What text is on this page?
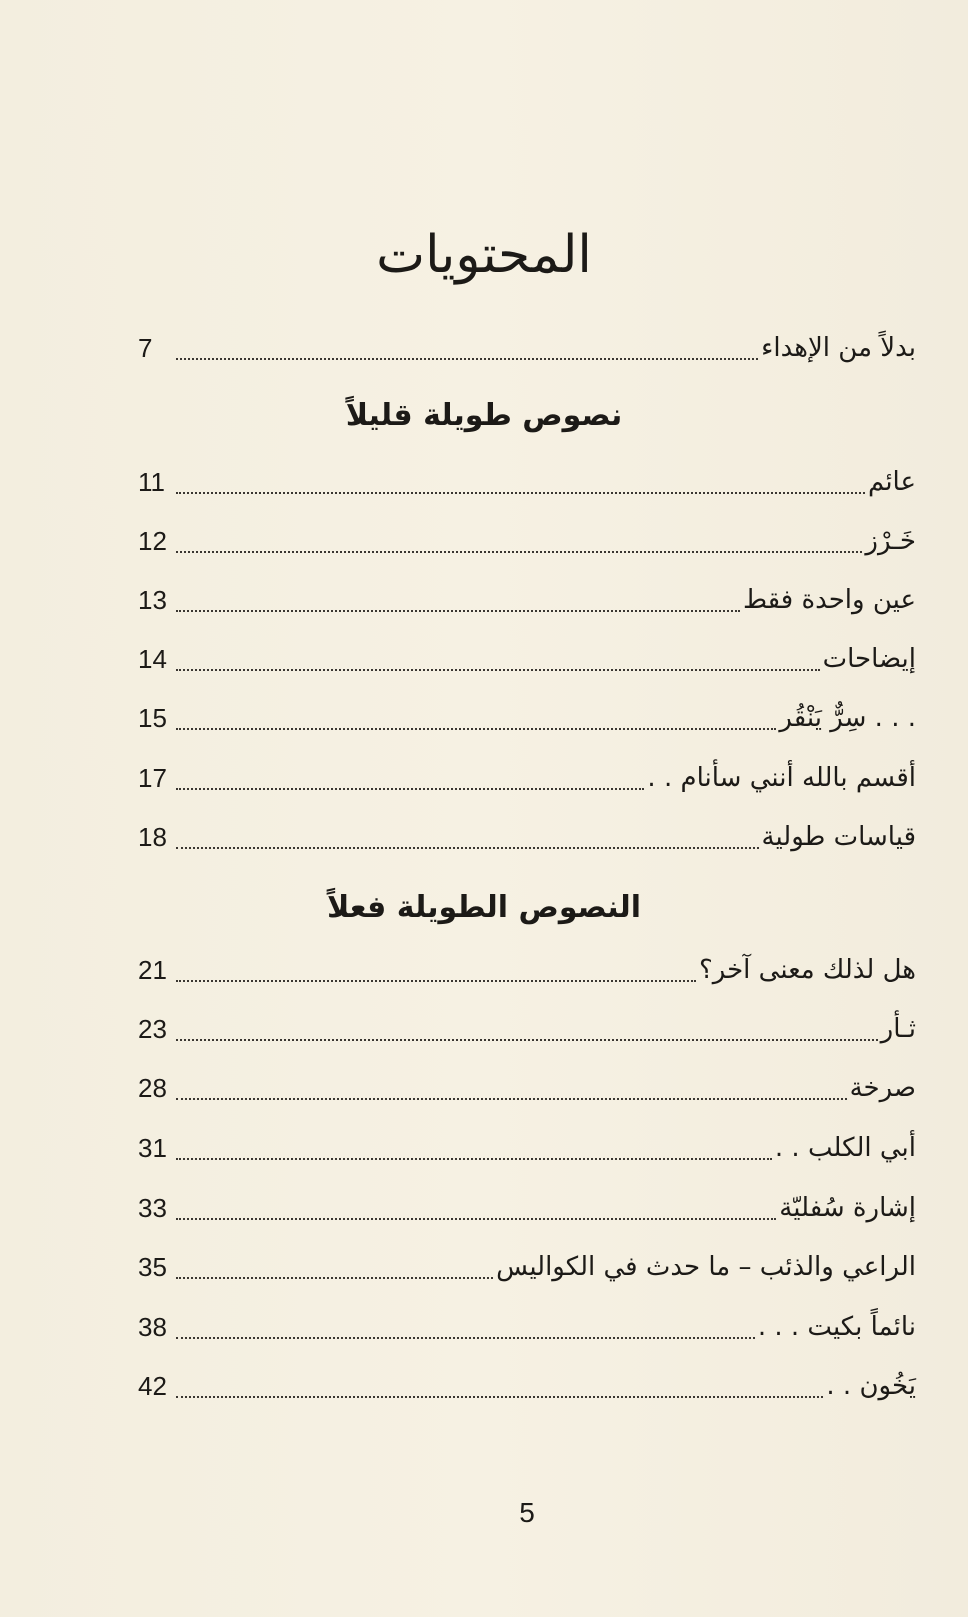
المحتويات
بدلاً من الإهداء
7
نصوص طويلة قليلاً
عائم
11
خَـرْز
12
عين واحدة فقط
13
إيضاحات
14
. . . سِرٌّ يَنْقُر
15
أقسم بالله أنني سأنام . .
17
قياسات طولية
18
النصوص الطويلة فعلاً
هل لذلك معنى آخر؟
21
ثـأر
23
صرخة
28
أبي الكلب . .
31
إشارة سُفليّة
33
الراعي والذئب – ما حدث في الكواليس
35
نائماً بكيت . . .
38
يَخُون . .
42
5
